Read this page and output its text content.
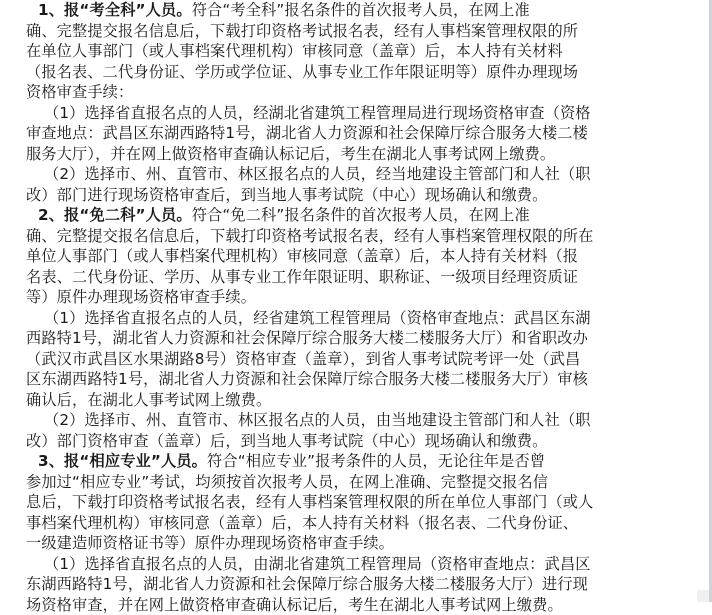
1、报“考全科”人员。符合“考全科”报名条件的首次报考人员，在网上准
确、完整提交报名信息后，下载打印资格考试报名表，经有人事档案管理权限的所
在单位人事部门（或人事档案代理机构）审核同意（盖章）后，本人持有关材料
（报名表、二代身份证、学历或学位证、从事专业工作年限证明等）原件办理现场
资格审查手续：
（1）选择省直报名点的人员，经湖北省建筑工程管理局进行现场资格审查（资格
审查地点：武昌区东湖西路特1号，湖北省人力资源和社会保障厅综合服务大楼二楼
服务大厅），并在网上做资格审查确认标记后，考生在湖北人事考试网上缴费。
（2）选择市、州、直管市、林区报名点的人员，经当地建设主管部门和人社（职
改）部门进行现场资格审查后，到当地人事考试院（中心）现场确认和缴费。
2、报“免二科”人员。符合“免二科”报名条件的首次报考人员，在网上准
确、完整提交报名信息后，下载打印资格考试报名表，经有人事档案管理权限的所在
单位人事部门（或人事档案代理机构）审核同意（盖章）后，本人持有关材料（报
名表、二代身份证、学历、从事专业工作年限证明、职称证、一级项目经理资质证
等）原件办理现场资格审查手续。
（1）选择省直报名点的人员，经省建筑工程管理局（资格审查地点：武昌区东湖
西路特1号，湖北省人力资源和社会保障厅综合服务大楼二楼服务大厅）和省职改办
（武汉市武昌区水果湖路8号）资格审查（盖章），到省人事考试院考评一处（武昌
区东湖西路特1号，湖北省人力资源和社会保障厅综合服务大楼二楼服务大厅）审核
确认后，在湖北人事考试网上缴费。
（2）选择市、州、直管市、林区报名点的人员，由当地建设主管部门和人社（职
改）部门资格审查（盖章）后，到当地人事考试院（中心）现场确认和缴费。
3、报“相应专业”人员。符合“相应专业”报考条件的人员，无论往年是否曾
参加过“相应专业”考试，均须按首次报考人员，在网上准确、完整提交报名信
息后，下载打印资格考试报名表，经有人事档案管理权限的所在单位人事部门（或人
事档案代理机构）审核同意（盖章）后，本人持有关材料（报名表、二代身份证、
一级建造师资格证书等）原件办理现场资格审查手续。
（1）选择省直报名点的人员，由湖北省建筑工程管理局（资格审查地点：武昌区
东湖西路特1号，湖北省人力资源和社会保障厅综合服务大楼二楼服务大厅）进行现
场资格审查，并在网上做资格审查确认标记后，考生在湖北人事考试网上缴费。
